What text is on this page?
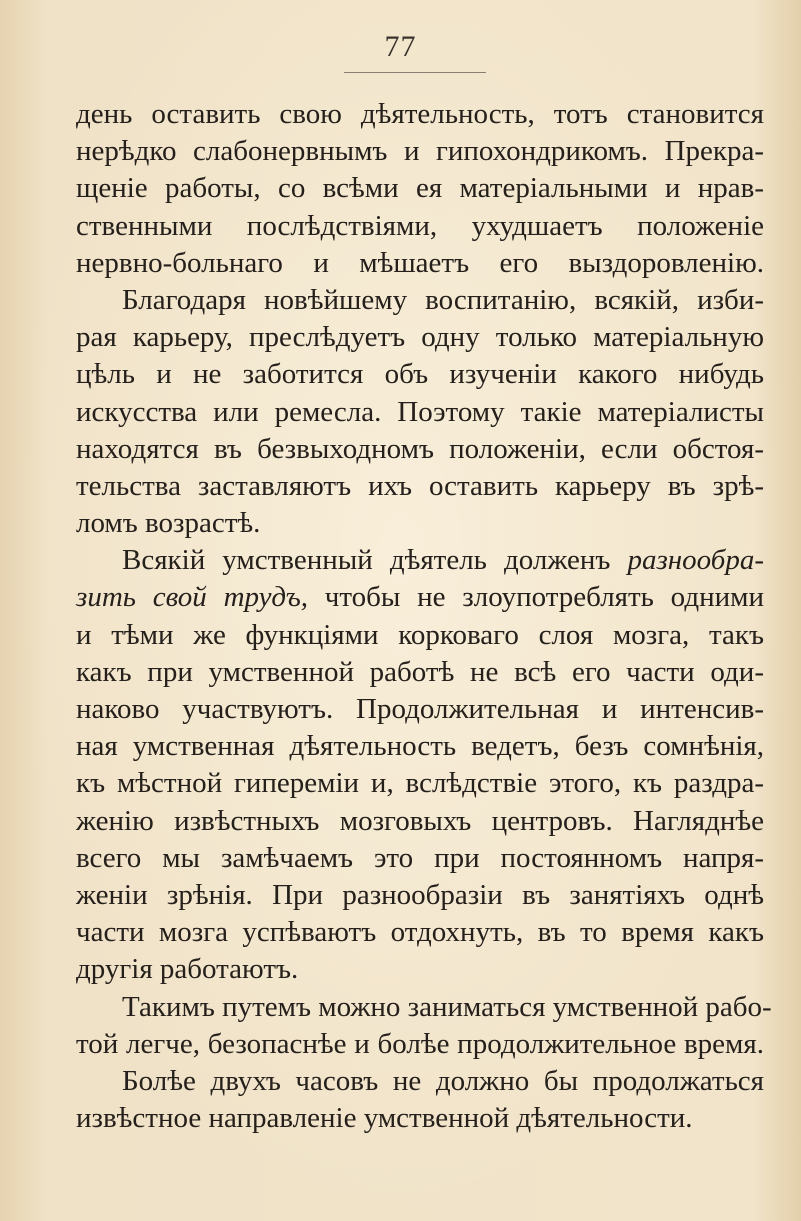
77
день оставить свою дѣятельность, тотъ становится
нерѣдко слабонервнымъ и гипохондрикомъ. Прекра-
щеніе работы, со всѣми ея матеріальными и нрав-
ственными послѣдствіями, ухудшаетъ положеніе
нервно-больнаго и мѣшаетъ его выздоровленію.
Благодаря новѣйшему воспитанію, всякій, изби-
рая карьеру, преслѣдуетъ одну только матеріальную
цѣль и не заботится объ изученіи какого нибудь
искусства или ремесла. Поэтому такіе матеріалисты
находятся въ безвыходномъ положеніи, если обстоя-
тельства заставляютъ ихъ оставить карьеру въ зрѣ-
ломъ возрастѣ.
Всякій умственный дѣятель долженъ разнообра-
зить свой трудъ, чтобы не злоупотреблять одними
и тѣми же функціями корковаго слоя мозга, такъ
какъ при умственной работѣ не всѣ его части оди-
наково участвуютъ. Продолжительная и интенсив-
ная умственная дѣятельность ведетъ, безъ сомнѣнія,
къ мѣстной гипереміи и, вслѣдствіе этого, къ раздра-
женію извѣстныхъ мозговыхъ центровъ. Нагляднѣе
всего мы замѣчаемъ это при постоянномъ напря-
женіи зрѣнія. При разнообразіи въ занятіяхъ однѣ
части мозга успѣваютъ отдохнуть, въ то время какъ
другія работаютъ.
Такимъ путемъ можно заниматься умственной рабо-
той легче, безопаснѣе и болѣе продолжительное время.
Болѣе двухъ часовъ не должно бы продолжаться
извѣстное направленіе умственной дѣятельности.
